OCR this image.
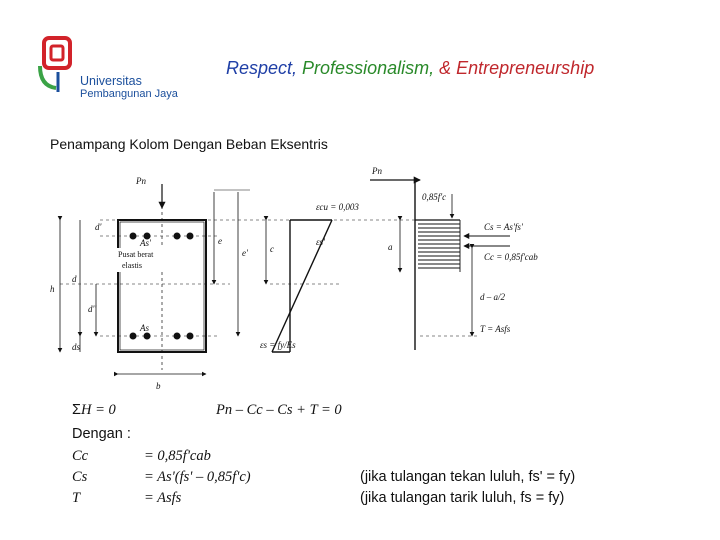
Universitas
Pembangunan Jaya
Respect, Professionalism, & Entrepreneurship
Penampang Kolom Dengan Beban Eksentris
Pn
d'
h
d
d''
ds
As'
As
Pusat berat
elastis
b
e
e' c
εcu = 0,003
εs'
εs = fy/Es
Pn
0,85f'c
a
Cs = As'fs'
Cc = 0,85f'cab
d – a/2
T = Asfs
ΣH = 0	Pn – Cc – Cs + T = 0
Dengan :
Cc	= 0,85f'cab
Cs	= As'(fs' – 0,85f'c)
T	= Asfs
(jika tulangan tekan luluh, fs' = fy)
(jika tulangan tarik luluh, fs = fy)
